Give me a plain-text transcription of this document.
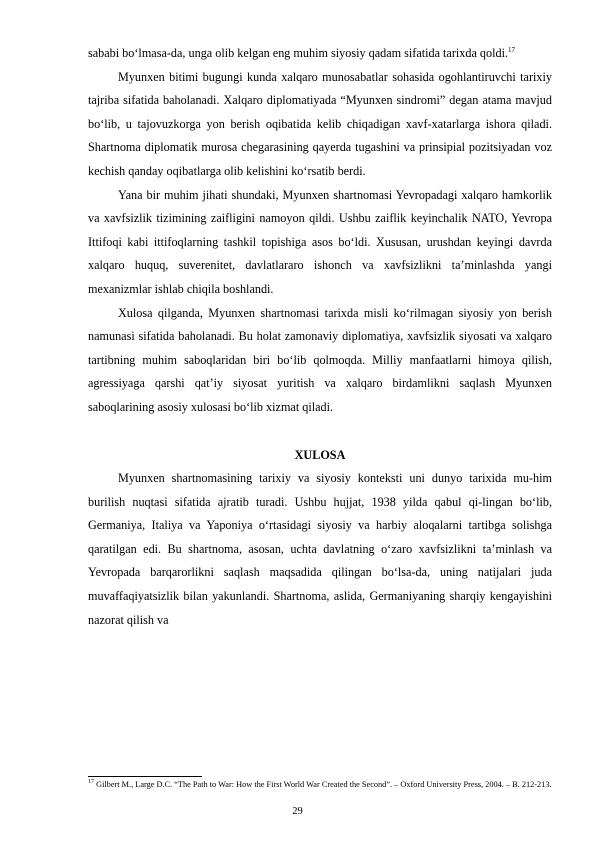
sababi bo‘lmasa-da, unga olib kelgan eng muhim siyosiy qadam sifatida tarixda qoldi.$^{17}$

Myunxen bitimi bugungi kunda xalqaro munosabatlar sohasida ogohlantiruvchi tarixiy tajriba sifatida baholanadi. Xalqaro diplomatiyada “Myunxen sindromi” degan atama mavjud bo‘lib, u tajovuzkorga yon berish oqibatida kelib chiqadigan xavf-xatarlarga ishora qiladi. Shartnoma diplomatik murosa chegarasining qayerda tugashini va prinsipial pozitsiyadan voz kechish qanday oqibatlarga olib kelishini ko‘rsatib berdi.

Yana bir muhim jihati shundaki, Myunxen shartnomasi Yevropadagi xalqaro hamkorlik va xavfsizlik tizimining zaifligini namoyon qildi. Ushbu zaiflik keyinchalik NATO, Yevropa Ittifoqi kabi ittifoqlarning tashkil topishiga asos bo‘ldi. Xususan, urushdan keyingi davrda xalqaro huquq, suverenitet, davlatlararo ishonch va xavfsizlikni ta’minlashda yangi mexanizmlar ishlab chiqila boshlandi.

Xulosa qilganda, Myunxen shartnomasi tarixda misli ko‘rilmagan siyosiy yon berish namunasi sifatida baholanadi. Bu holat zamonaviy diplomatiya, xavfsizlik siyosati va xalqaro tartibning muhim saboqlaridan biri bo‘lib qolmoqda. Milliy manfaatlarni himoya qilish, agressiyaga qarshi qat’iy siyosat yuritish va xalqaro birdamlikni saqlash Myunxen saboqlarining asosiy xulosasi bo‘lib xizmat qiladi.

XULOSA

Myunxen shartnomasining tarixiy va siyosiy konteksti uni dunyo tarixida mu-him burilish nuqtasi sifatida ajratib turadi. Ushbu hujjat, 1938 yilda qabul qi-lingan bo‘lib, Germaniya, Italiya va Yaponiya o‘rtasidagi siyosiy va harbiy aloqalarni tartibga solishga qaratilgan edi. Bu shartnoma, asosan, uchta davlatning o‘zaro xavfsizlikni ta’minlash va Yevropada barqarorlikni saqlash maqsadida qilingan bo‘lsa-da, uning natijalari juda muvaffaqiyatsizlik bilan yakunlandi. Shartnoma, aslida, Germaniyaning sharqiy kengayishini nazorat qilish va

$^{17}$ Gilbert M., Large D.C. “The Path to War: How the First World War Created the Second”. – Oxford University Press, 2004. – B. 212-213.
29
